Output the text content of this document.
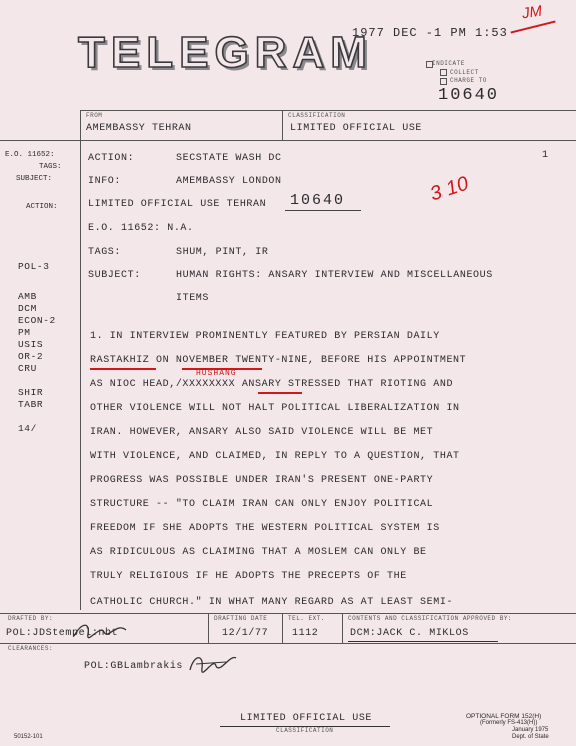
TELEGRAM
1977 DEC -1 PM 1:53
JM
INDICATE
COLLECT
CHARGE TO
10640
FROM
AMEMBASSY TEHRAN
CLASSIFICATION
LIMITED OFFICIAL USE
E.O. 11652:
TAGS:
SUBJECT:
ACTION:
POL-3
AMB
DCM
ECON-2
PM
USIS
OR-2
CRU
SHIR
TABR
14/
ACTION:	SECSTATE WASH DC	1
INFO:	AMEMBASSY LONDON
LIMITED OFFICIAL USE TEHRAN 10640	3 10
E.O. 11652: N.A.
TAGS:	SHUM, PINT, IR
SUBJECT:	HUMAN RIGHTS: ANSARY INTERVIEW AND MISCELLANEOUS
ITEMS
1. IN INTERVIEW PROMINENTLY FEATURED BY PERSIAN DAILY
RASTAKHIZ ON NOVEMBER TWENTY-NINE, BEFORE HIS APPOINTMENT
AS NIOC HEAD,/XXXXXXXX ANSARY STRESSED THAT RIOTING AND
OTHER VIOLENCE WILL NOT HALT POLITICAL LIBERALIZATION IN
IRAN. HOWEVER, ANSARY ALSO SAID VIOLENCE WILL BE MET
WITH VIOLENCE, AND CLAIMED, IN REPLY TO A QUESTION, THAT
PROGRESS WAS POSSIBLE UNDER IRAN'S PRESENT ONE-PARTY
STRUCTURE -- "TO CLAIM IRAN CAN ONLY ENJOY POLITICAL
FREEDOM IF SHE ADOPTS THE WESTERN POLITICAL SYSTEM IS
AS RIDICULOUS AS CLAIMING THAT A MOSLEM CAN ONLY BE
TRULY RELIGIOUS IF HE ADOPTS THE PRECEPTS OF THE
CATHOLIC CHURCH." IN WHAT MANY REGARD AS AT LEAST SEMI-
HUSHANG
DRAFTED BY:
POL:JDStempel:nbt
DRAFTING DATE
12/1/77
TEL. EXT.
1112
CONTENTS AND CLASSIFICATION APPROVED BY:
DCM:JACK C. MIKLOS
CLEARANCES:
POL:GBLambrakis
LIMITED OFFICIAL USE
CLASSIFICATION
50152-101
OPTIONAL FORM 152(H)
(Formerly FS-413(H))
January 1975
Dept. of State
